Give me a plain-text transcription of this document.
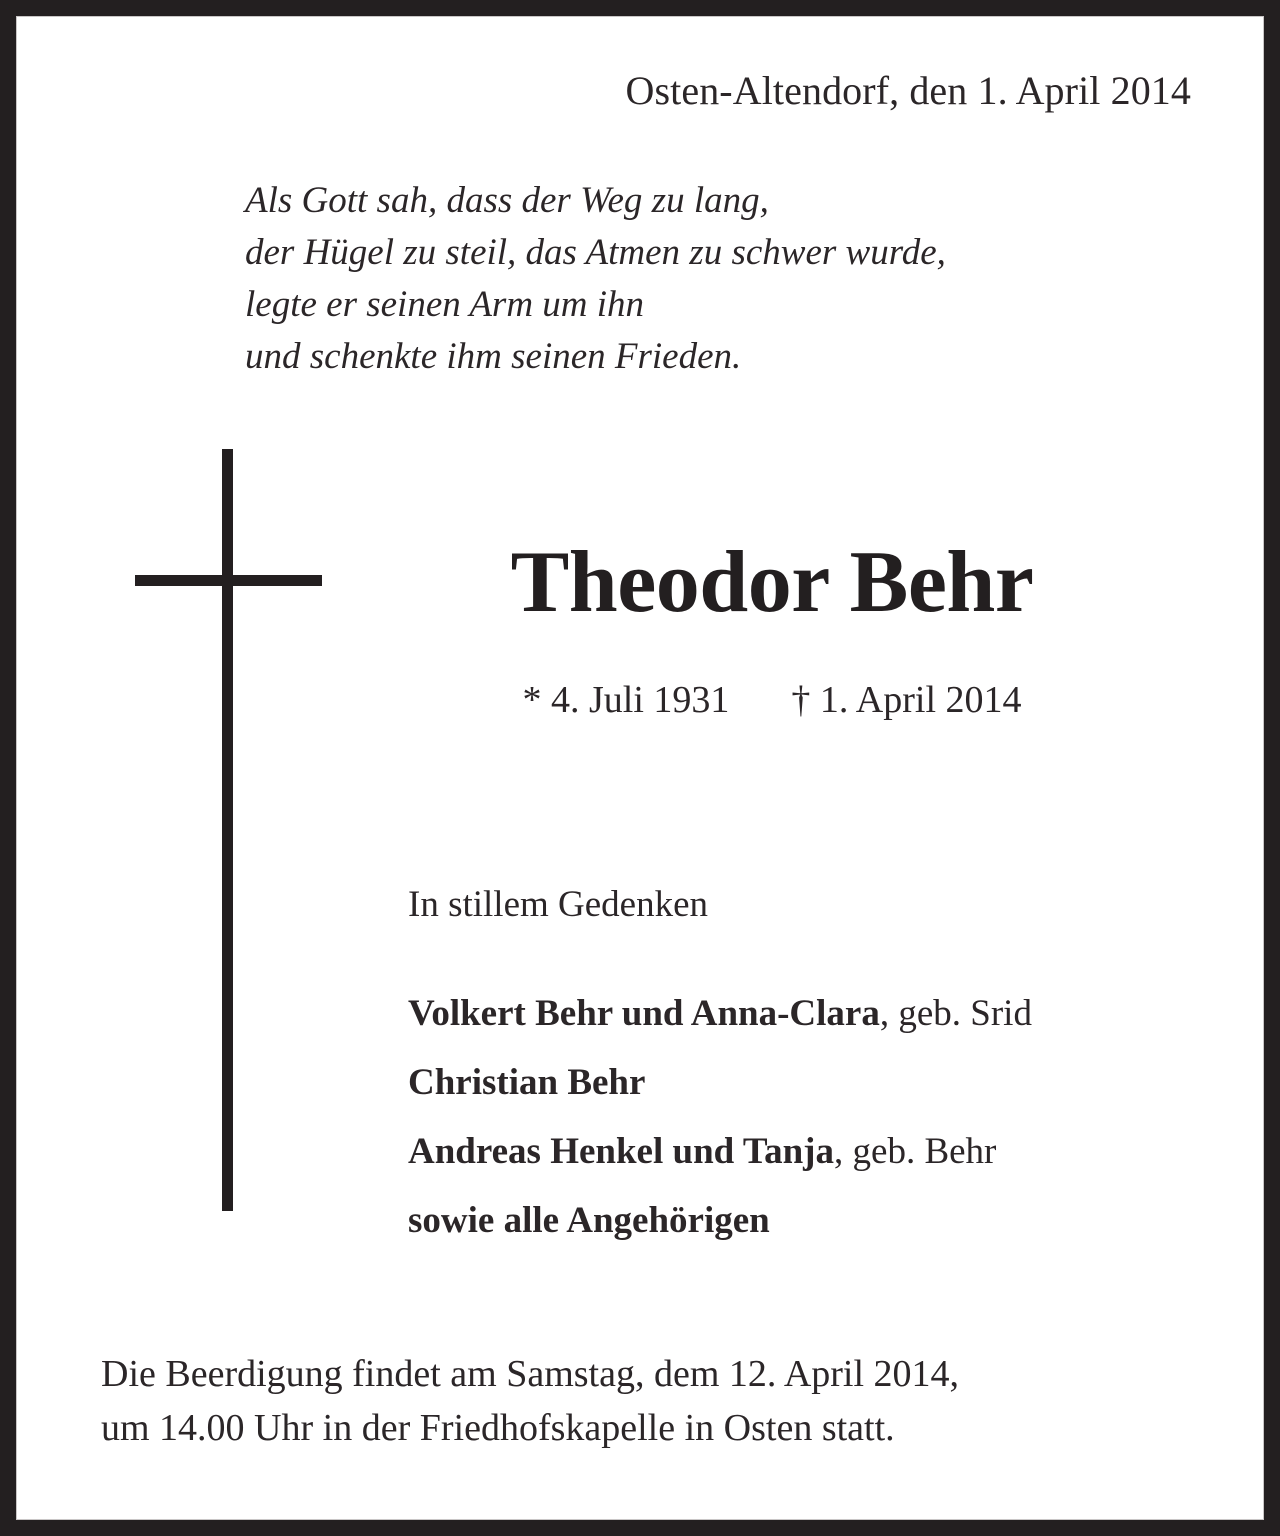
Osten-Altendorf, den 1. April 2014
Als Gott sah, dass der Weg zu lang,
der Hügel zu steil, das Atmen zu schwer wurde,
legte er seinen Arm um ihn
und schenkte ihm seinen Frieden.
Theodor Behr
* 4. Juli 1931 † 1. April 2014
In stillem Gedenken
Volkert Behr und Anna-Clara, geb. Srid
Christian Behr
Andreas Henkel und Tanja, geb. Behr
sowie alle Angehörigen
Die Beerdigung findet am Samstag, dem 12. April 2014,
um 14.00 Uhr in der Friedhofskapelle in Osten statt.
